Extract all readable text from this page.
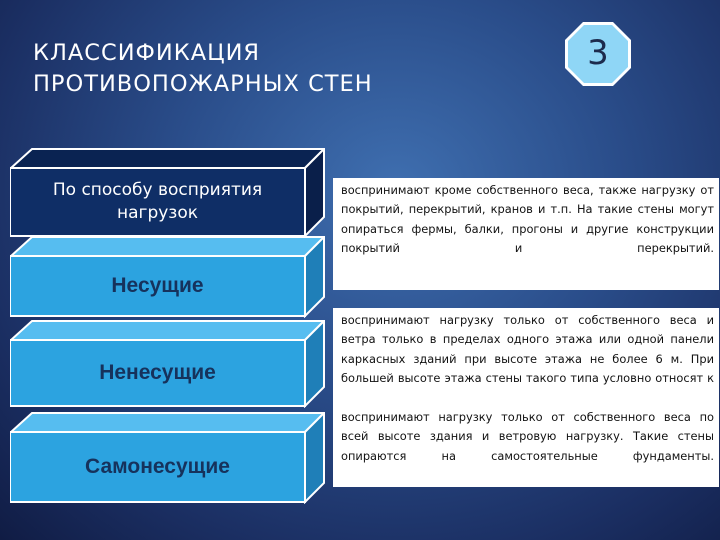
КЛАССИФИКАЦИЯ
ПРОТИВОПОЖАРНЫХ СТЕН
3
По способу восприятия
нагрузок
Несущие
Ненесущие
Самонесущие
воспринимают кроме собственного веса, также нагрузку от покрытий, перекрытий, кранов и т.п. На такие стены могут опираться фермы, балки, прогоны и другие конструкции покрытий и перекрытий.
воспринимают нагрузку только от собственного веса и ветра только в пределах одного этажа или одной панели каркасных зданий при высоте этажа не более 6 м. При большей высоте этажа стены такого типа условно относят к
воспринимают нагрузку только от собственного веса по всей высоте здания и ветровую нагрузку. Такие стены опираются на самостоятельные фундаменты.
